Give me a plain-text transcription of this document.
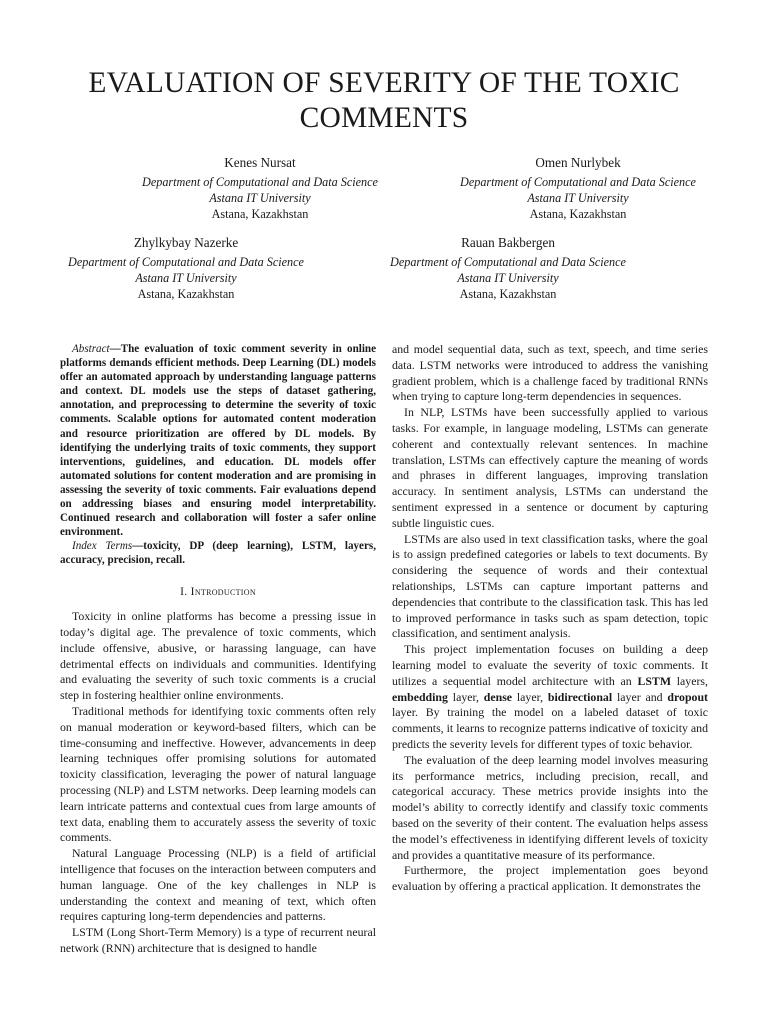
EVALUATION OF SEVERITY OF THE TOXIC COMMENTS
Kenes Nursat
Department of Computational and Data Science
Astana IT University
Astana, Kazakhstan
Omen Nurlybek
Department of Computational and Data Science
Astana IT University
Astana, Kazakhstan
Zhylkybay Nazerke
Department of Computational and Data Science
Astana IT University
Astana, Kazakhstan
Rauan Bakbergen
Department of Computational and Data Science
Astana IT University
Astana, Kazakhstan

Abstract—The evaluation of toxic comment severity in online platforms demands efficient methods. Deep Learning (DL) models offer an automated approach by understanding language patterns and context. DL models use the steps of dataset gathering, annotation, and preprocessing to determine the severity of toxic comments. Scalable options for automated content moderation and resource prioritization are offered by DL models. By identifying the underlying traits of toxic comments, they support interventions, guidelines, and education. DL models offer automated solutions for content moderation and are promising in assessing the severity of toxic comments. Fair evaluations depend on addressing biases and ensuring model interpretability. Continued research and collaboration will foster a safer online environment.

Index Terms—toxicity, DP (deep learning), LSTM, layers, accuracy, precision, recall.

I. Introduction

Toxicity in online platforms has become a pressing issue in today’s digital age. The prevalence of toxic comments, which include offensive, abusive, or harassing language, can have detrimental effects on individuals and communities. Identifying and evaluating the severity of such toxic comments is a crucial step in fostering healthier online environments.

Traditional methods for identifying toxic comments often rely on manual moderation or keyword-based filters, which can be time-consuming and ineffective. However, advancements in deep learning techniques offer promising solutions for automated toxicity classification, leveraging the power of natural language processing (NLP) and LSTM networks. Deep learning models can learn intricate patterns and contextual cues from large amounts of text data, enabling them to accurately assess the severity of toxic comments.

Natural Language Processing (NLP) is a field of artificial intelligence that focuses on the interaction between computers and human language. One of the key challenges in NLP is understanding the context and meaning of text, which often requires capturing long-term dependencies and patterns.

LSTM (Long Short-Term Memory) is a type of recurrent neural network (RNN) architecture that is designed to handle

and model sequential data, such as text, speech, and time series data. LSTM networks were introduced to address the vanishing gradient problem, which is a challenge faced by traditional RNNs when trying to capture long-term dependencies in sequences.

In NLP, LSTMs have been successfully applied to various tasks. For example, in language modeling, LSTMs can generate coherent and contextually relevant sentences. In machine translation, LSTMs can effectively capture the meaning of words and phrases in different languages, improving translation accuracy. In sentiment analysis, LSTMs can understand the sentiment expressed in a sentence or document by capturing subtle linguistic cues.

LSTMs are also used in text classification tasks, where the goal is to assign predefined categories or labels to text documents. By considering the sequence of words and their contextual relationships, LSTMs can capture important patterns and dependencies that contribute to the classification task. This has led to improved performance in tasks such as spam detection, topic classification, and sentiment analysis.

This project implementation focuses on building a deep learning model to evaluate the severity of toxic comments. It utilizes a sequential model architecture with an LSTM layers, embedding layer, dense layer, bidirectional layer and dropout layer. By training the model on a labeled dataset of toxic comments, it learns to recognize patterns indicative of toxicity and predicts the severity levels for different types of toxic behavior.

The evaluation of the deep learning model involves measuring its performance metrics, including precision, recall, and categorical accuracy. These metrics provide insights into the model’s ability to correctly identify and classify toxic comments based on the severity of their content. The evaluation helps assess the model’s effectiveness in identifying different levels of toxicity and provides a quantitative measure of its performance.

Furthermore, the project implementation goes beyond evaluation by offering a practical application. It demonstrates the
